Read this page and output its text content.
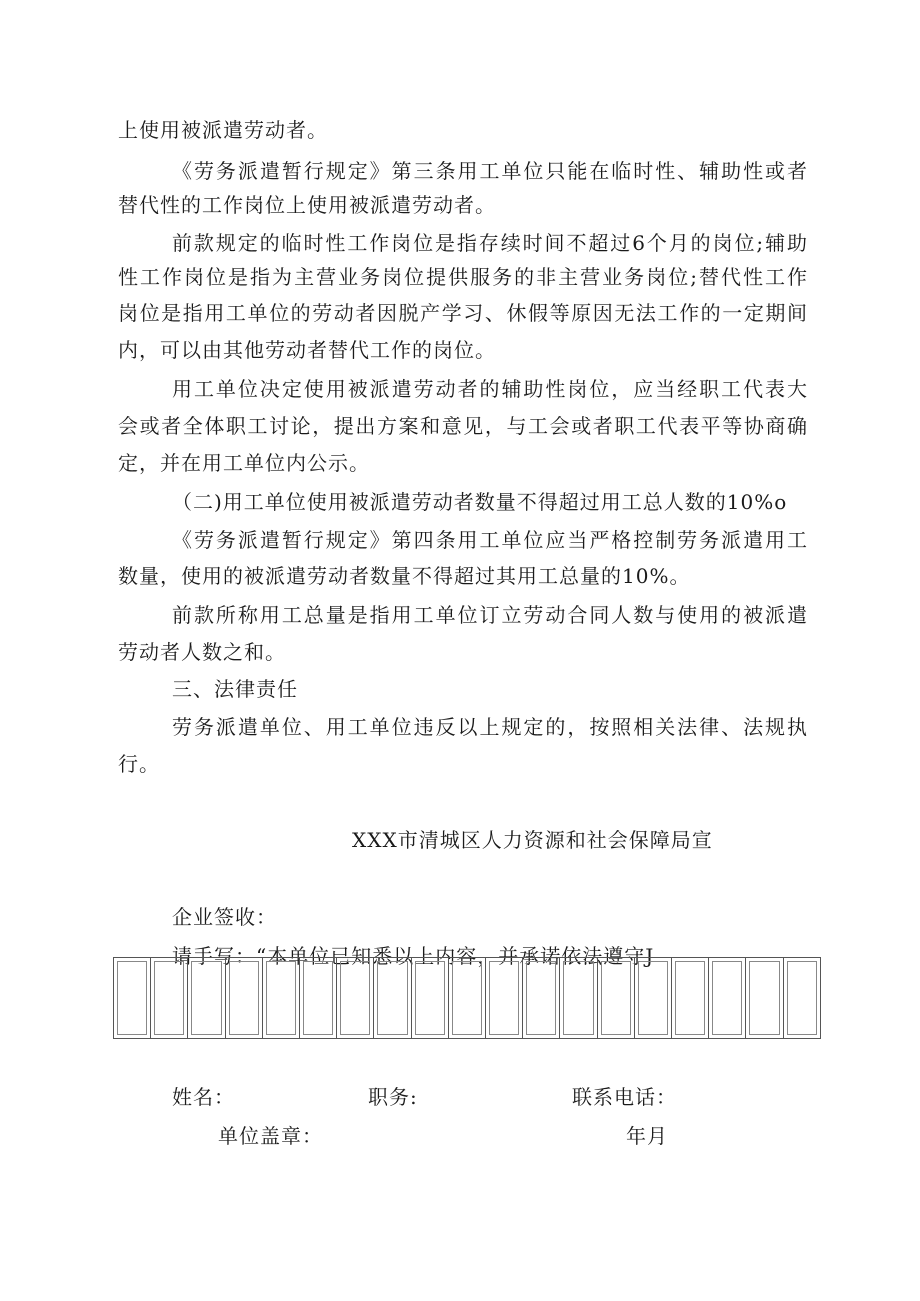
上使用被派遣劳动者。
《劳务派遣暂行规定》第三条用工单位只能在临时性、辅助性或者
替代性的工作岗位上使用被派遣劳动者。
前款规定的临时性工作岗位是指存续时间不超过6个月的岗位;辅助
性工作岗位是指为主营业务岗位提供服务的非主营业务岗位;替代性工作
岗位是指用工单位的劳动者因脱产学习、休假等原因无法工作的一定期间
内，可以由其他劳动者替代工作的岗位。
用工单位决定使用被派遣劳动者的辅助性岗位，应当经职工代表大
会或者全体职工讨论，提出方案和意见，与工会或者职工代表平等协商确
定，并在用工单位内公示。
（二)用工单位使用被派遣劳动者数量不得超过用工总人数的10%o
《劳务派遣暂行规定》第四条用工单位应当严格控制劳务派遣用工
数量，使用的被派遣劳动者数量不得超过其用工总量的10%。
前款所称用工总量是指用工单位订立劳动合同人数与使用的被派遣
劳动者人数之和。
三、法律责任
劳务派遣单位、用工单位违反以上规定的，按照相关法律、法规执
行。
XXX市清城区人力资源和社会保障局宣
企业签收：
请手写：“本单位已知悉以上内容，并承诺依法遵守J
姓名：	职务:	联系电话：
单位盖章：	年月
